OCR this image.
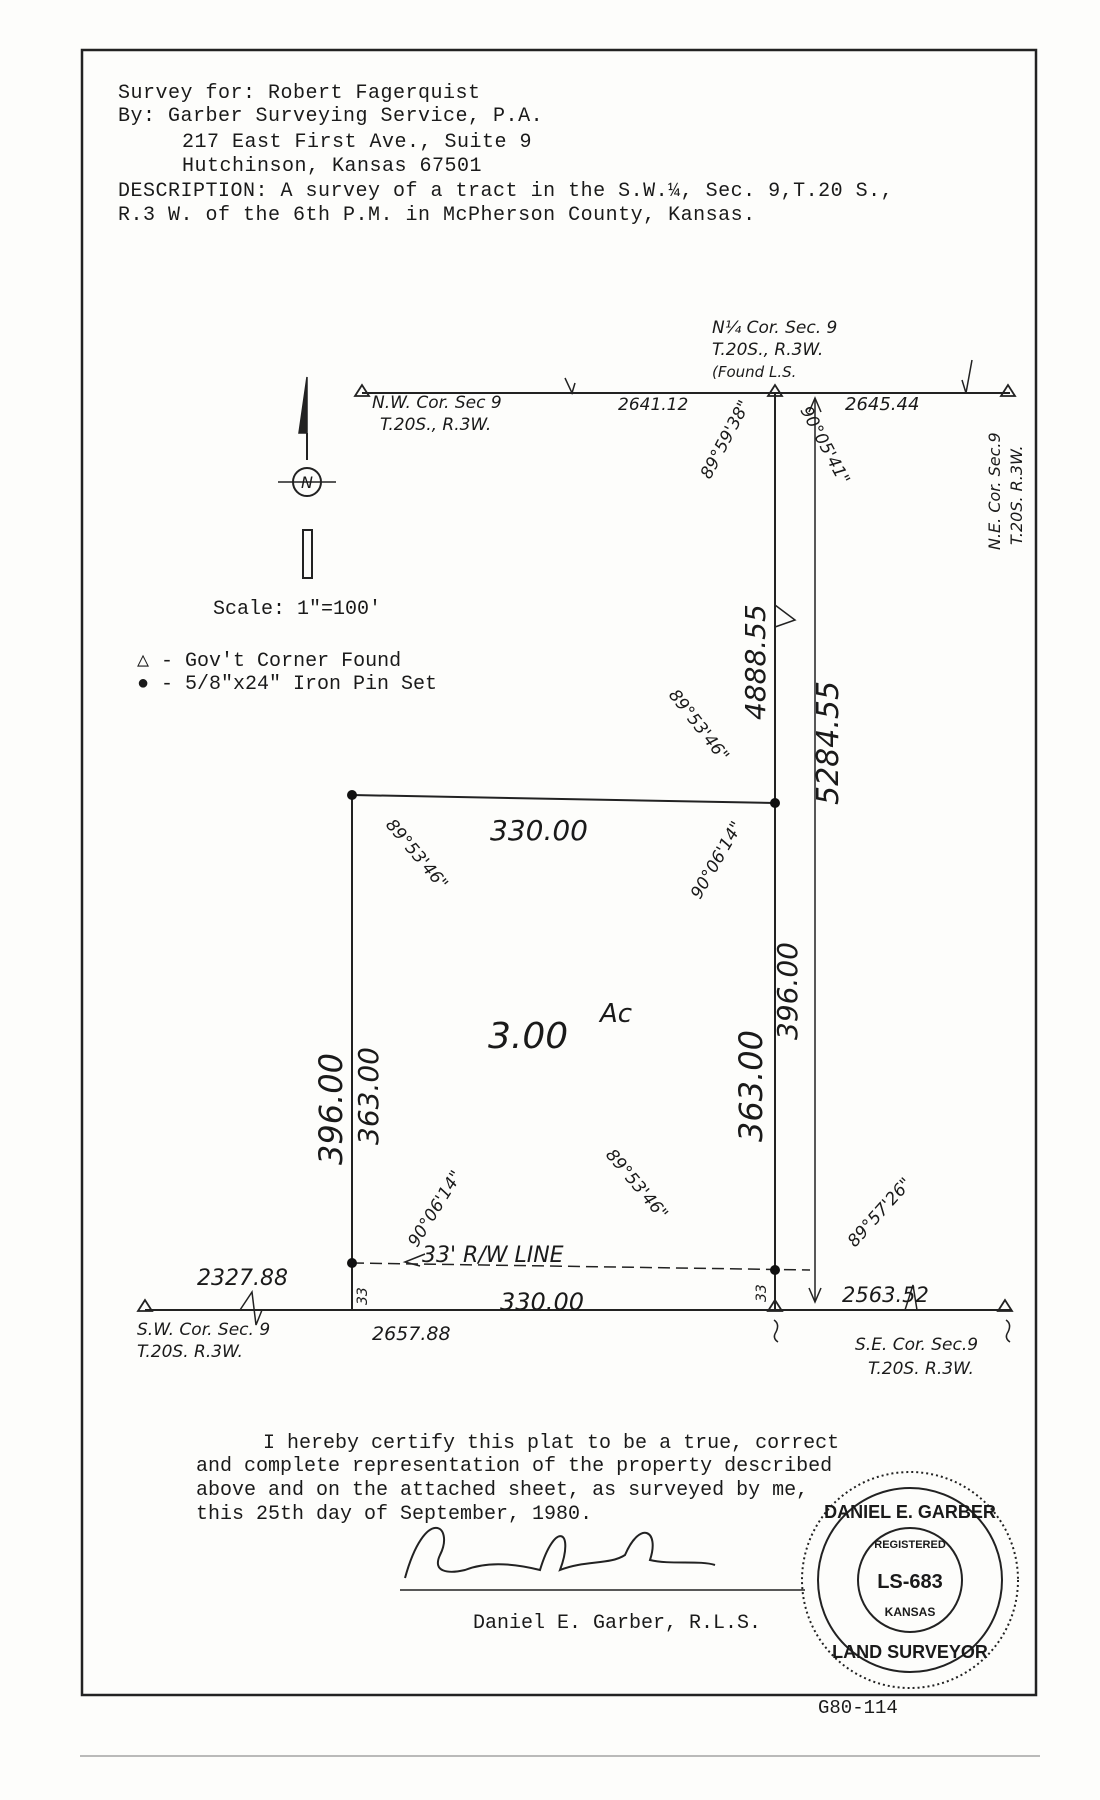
Survey for: Robert Fagerquist
By: Garber Surveying Service, P.A.
217 East First Ave., Suite 9
Hutchinson, Kansas 67501
DESCRIPTION: A survey of a tract in the S.W.¼, Sec. 9,T.20 S.,
R.3 W. of the 6th P.M. in McPherson County, Kansas.
Scale: 1"=100'
△ - Gov't Corner Found
● - 5/8"x24" Iron Pin Set
I hereby certify this plat to be a true, correct
and complete representation of the property described
above and on the attached sheet, as surveyed by me,
this 25th day of September, 1980.
Daniel E. Garber, R.L.S.
G80-114
N
N¼ Cor. Sec. 9
T.20S., R.3W.
(Found L.S.
N.W. Cor. Sec 9
T.20S., R.3W.
N.E. Cor. Sec.9 T.20S. R.3W.
S.W. Cor. Sec. 9
T.20S. R.3W.	S.E. Cor. Sec.9
T.20S. R.3W.
2641.12	2645.44
2327.88
2657.88
2563.52
4888.55
5284.55
330.00
330.00
396.00 363.00
396.00
363.00
33	33
3.00
Ac
33' R/W LINE
89°59'38" 90°05'41"
89°53'46"
89°53'46"
89°53'46"
90°06'14"
90°06'14"	89°57'26"
DANIEL E. GARBER
REGISTERED
LS-683
KANSAS
LAND SURVEYOR
